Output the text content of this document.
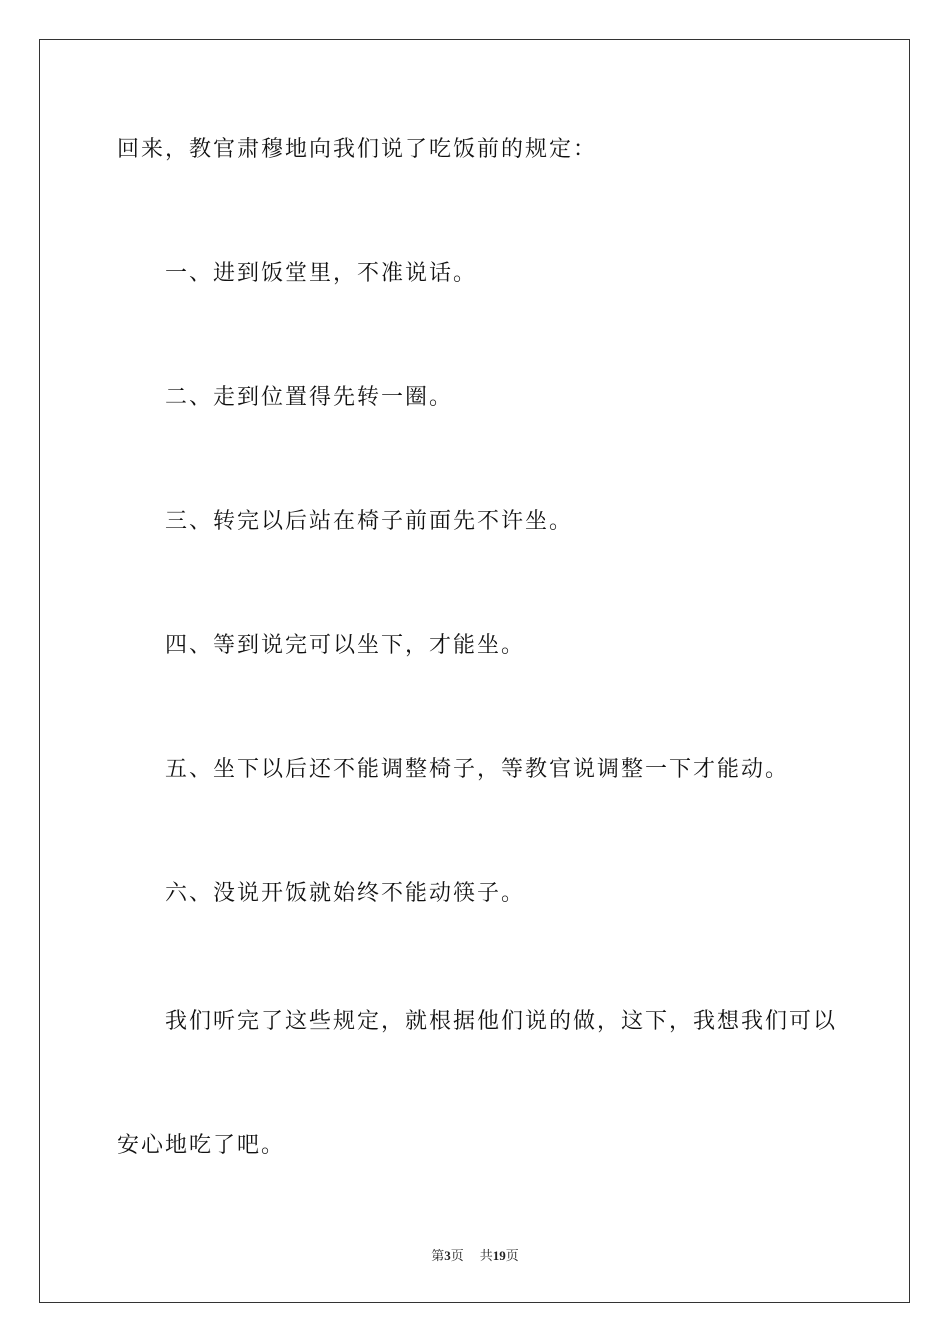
回来，教官肃穆地向我们说了吃饭前的规定：
一、进到饭堂里，不准说话。
二、走到位置得先转一圈。
三、转完以后站在椅子前面先不许坐。
四、等到说完可以坐下，才能坐。
五、坐下以后还不能调整椅子，等教官说调整一下才能动。
六、没说开饭就始终不能动筷子。
我们听完了这些规定，就根据他们说的做，这下，我想我们可以
安心地吃了吧。
第3页 共19页
